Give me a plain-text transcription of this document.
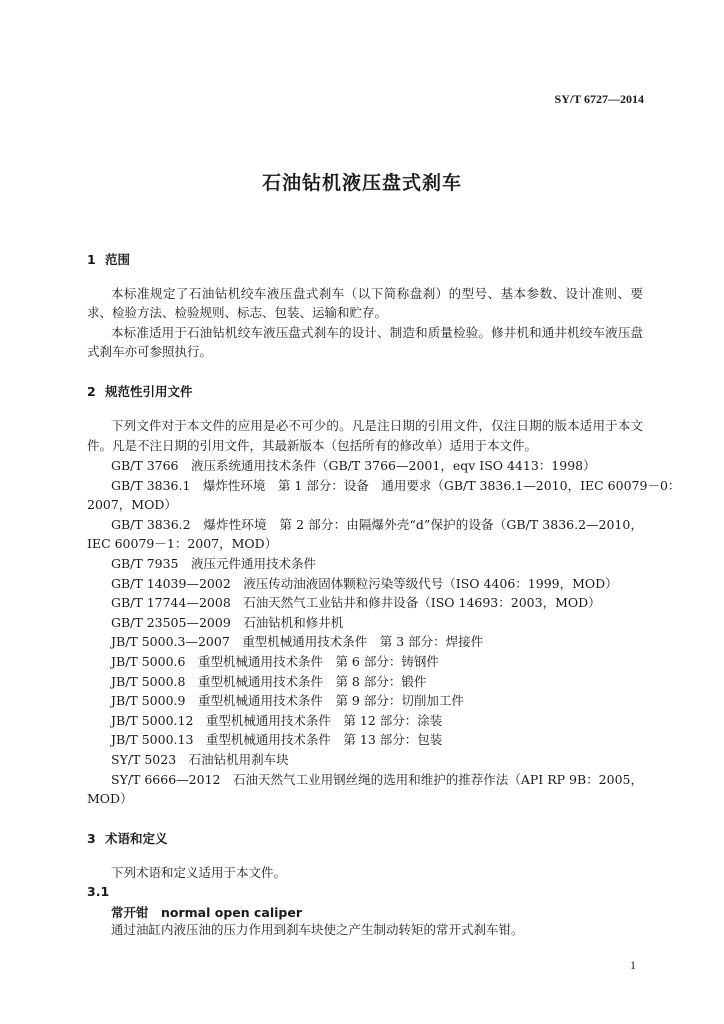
SY/T 6727—2014
石油钻机液压盘式刹车
1 范围
本标准规定了石油钻机绞车液压盘式刹车（以下简称盘刹）的型号、基本参数、设计准则、要
求、检验方法、检验规则、标志、包装、运输和贮存。
本标准适用于石油钻机绞车液压盘式刹车的设计、制造和质量检验。修井机和通井机绞车液压盘
式刹车亦可参照执行。
2 规范性引用文件
下列文件对于本文件的应用是必不可少的。凡是注日期的引用文件，仅注日期的版本适用于本文
件。凡是不注日期的引用文件，其最新版本（包括所有的修改单）适用于本文件。
GB/T 3766　液压系统通用技术条件（GB/T 3766—2001，eqv ISO 4413：1998）
GB/T 3836.1　爆炸性环境　第 1 部分：设备　通用要求（GB/T 3836.1—2010，IEC 60079－0：
2007，MOD）
GB/T 3836.2　爆炸性环境　第 2 部分：由隔爆外壳“d”保护的设备（GB/T 3836.2—2010，
IEC 60079－1：2007，MOD）
GB/T 7935　液压元件通用技术条件
GB/T 14039—2002　液压传动油液固体颗粒污染等级代号（ISO 4406：1999，MOD）
GB/T 17744—2008　石油天然气工业钻井和修井设备（ISO 14693：2003，MOD）
GB/T 23505—2009　石油钻机和修井机
JB/T 5000.3—2007　重型机械通用技术条件　第 3 部分：焊接件
JB/T 5000.6　重型机械通用技术条件　第 6 部分：铸钢件
JB/T 5000.8　重型机械通用技术条件　第 8 部分：锻件
JB/T 5000.9　重型机械通用技术条件　第 9 部分：切削加工件
JB/T 5000.12　重型机械通用技术条件　第 12 部分：涂装
JB/T 5000.13　重型机械通用技术条件　第 13 部分：包装
SY/T 5023　石油钻机用刹车块
SY/T 6666—2012　石油天然气工业用钢丝绳的选用和维护的推荐作法（API RP 9B：2005，
MOD）
3 术语和定义
下列术语和定义适用于本文件。
3.1
常开钳　normal open caliper
通过油缸内液压油的压力作用到刹车块使之产生制动转矩的常开式刹车钳。
1
